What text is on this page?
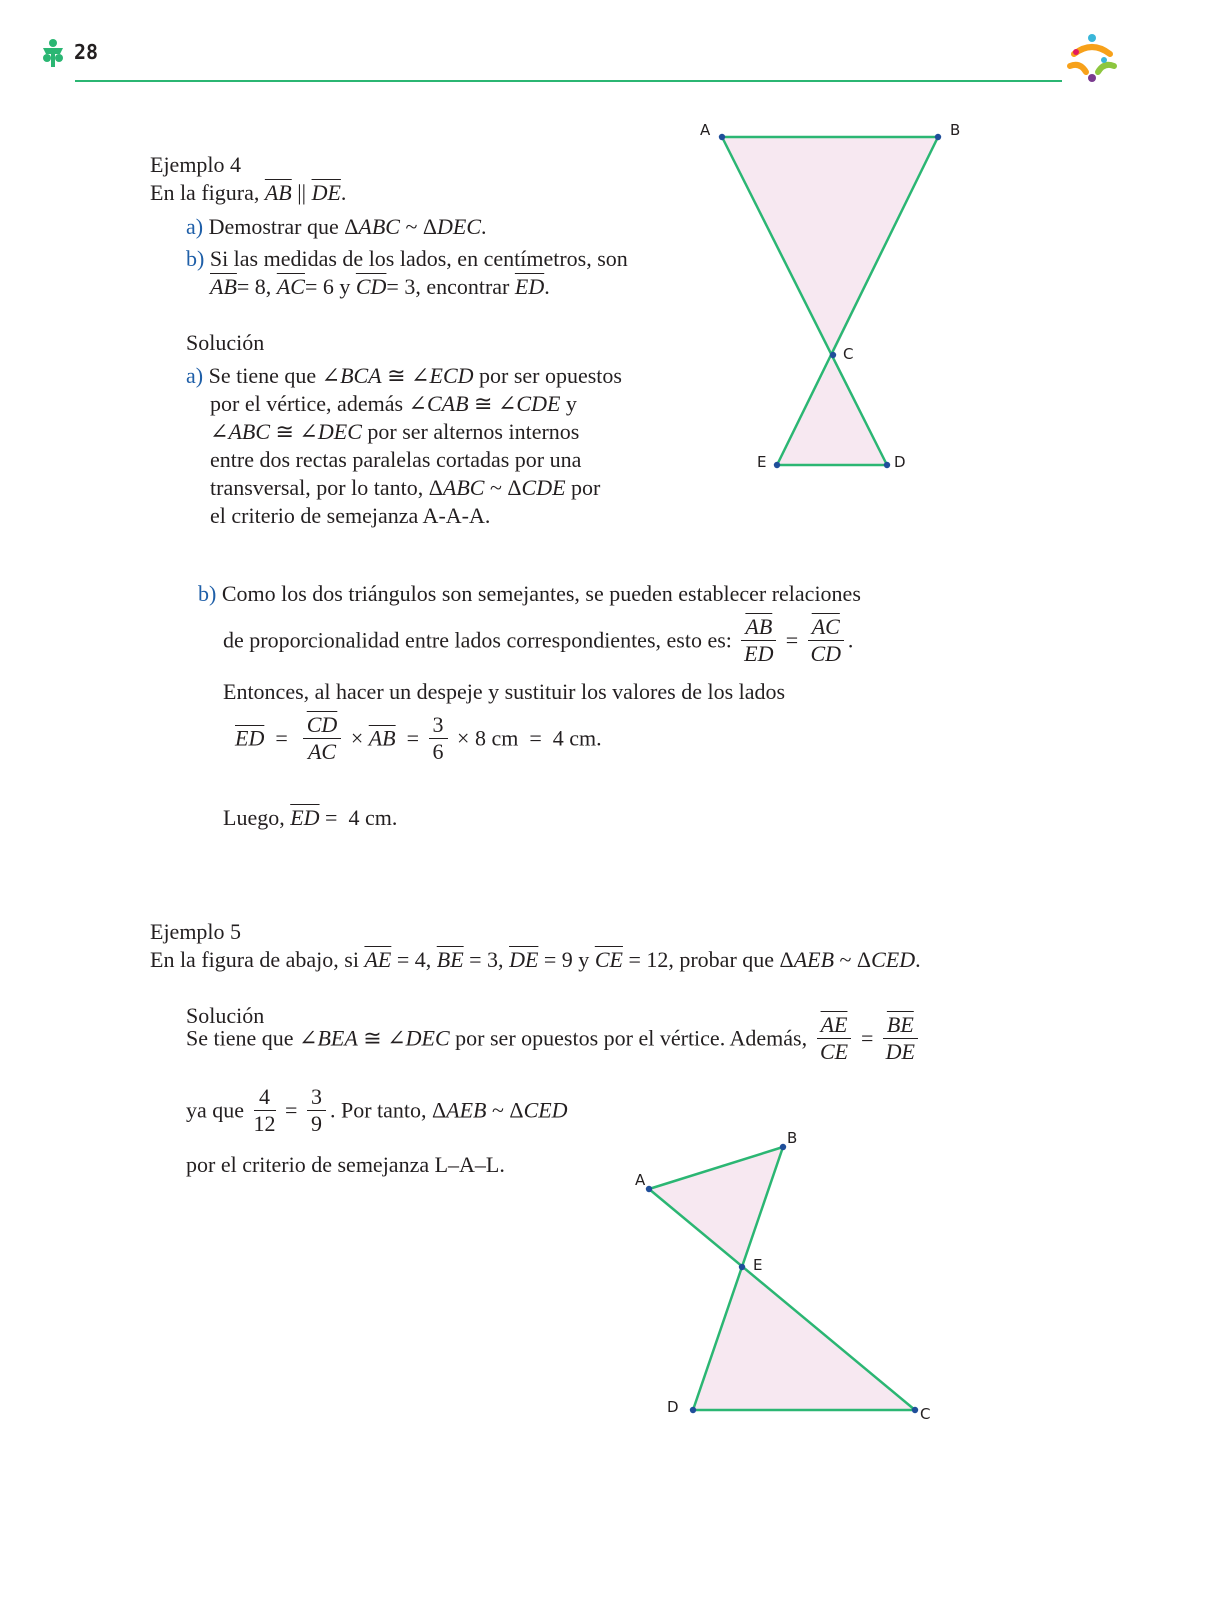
28
Ejemplo 4
En la figura, $\overline{AB}$ || $\overline{DE}$.
a) Demostrar que ΔABC ~ ΔDEC.
b) Si las medidas de los lados, en centímetros, son
$\overline{AB}= 8$, $\overline{AC}= 6$ y $\overline{CD}= 3$, encontrar $\overline{ED}$.
Solución
a) Se tiene que ∠BCA ≅ ∠ECD por ser opuestos
por el vértice, además ∠CAB ≅ ∠CDE y
∠ABC ≅ ∠DEC por ser alternos internos
entre dos rectas paralelas cortadas por una
transversal, por lo tanto, ΔABC ~ ΔCDE por
el criterio de semejanza A-A-A.
A	B
C
E	D
b) Como los dos triángulos son semejantes, se pueden establecer relaciones
de proporcionalidad entre lados correspondientes, esto es: $\frac{\overline{AB}}{ED} = \frac{\overline{AC}}{CD}$ .
Entonces, al hacer un despeje y sustituir los valores de los lados
$\overline{ED} = \frac{\overline{CD}}{AC} \times \overline{AB} = \frac{3}{6} \times 8$ cm  =  4 cm.
Luego, $\overline{ED} = 4$ cm.
Ejemplo 5
En la figura de abajo, si $\overline{AE} = 4$, $\overline{BE} = 3$, $\overline{DE} = 9$ y $\overline{CE} = 12$, probar que ΔAEB ~ ΔCED.
Solución
Se tiene que ∠BEA ≅ ∠DEC por ser opuestos por el vértice. Además, $\frac{\overline{AE}}{CE} = \frac{\overline{BE}}{DE}$
ya que $\frac{4}{12} = \frac{3}{9}$ . Por tanto, ΔAEB ~ ΔCED
por el criterio de semejanza L–A–L.
B
A
E
D	C
